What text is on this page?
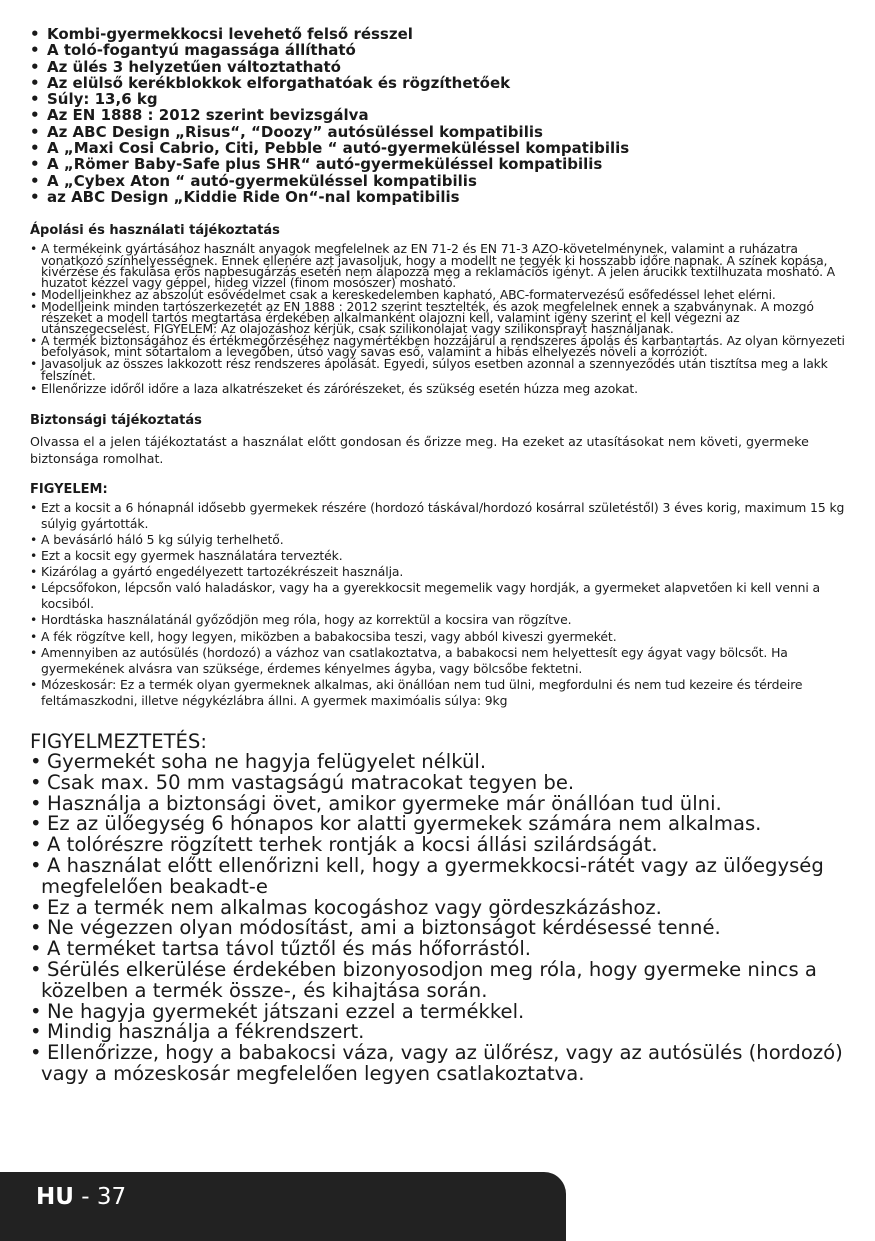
• Kombi-gyermekkocsi levehető felső résszel
• A toló-fogantyú magassága állítható
• Az ülés 3 helyzetűen változtatható
• Az elülső kerékblokkok elforgathatóak és rögzíthetőek
• Súly: 13,6 kg
• Az EN 1888 : 2012 szerint bevizsgálva
• Az ABC Design „Risus“, “Doozy” autósüléssel kompatibilis
• A „Maxi Cosi Cabrio, Citi, Pebble “ autó-gyermeküléssel kompatibilis
• A „Römer Baby-Safe plus SHR“ autó-gyermeküléssel kompatibilis
• A „Cybex Aton “ autó-gyermeküléssel kompatibilis
• az ABC Design „Kiddie Ride On“-nal kompatibilis
Ápolási és használati tájékoztatás
• A termékeink gyártásához használt anyagok megfelelnek az EN 71-2 és EN 71-3 AZO-követelménynek, valamint a ruházatra vonatkozó színhelyességnek. Ennek ellenére azt javasoljuk, hogy a modellt ne tegyék ki hosszabb időre napnak. A színek kopása, kivérzése és fakulása erős napbesugárzás esetén nem alapozza meg a reklamációs igényt. A jelen árucikk textilhuzata mosható. A huzatot kézzel vagy géppel, hideg vízzel (finom mosószer) mosható.
• Modelljeinkhez az abszolút esővédelmet csak a kereskedelemben kapható, ABC-formatervezésű esőfedéssel lehet elérni.
• Modelljeink minden tartószerkezetét az EN 1888 : 2012 szerint tesztelték, és azok megfelelnek ennek a szabványnak. A mozgó részeket a modell tartós megtartása érdekében alkalmanként olajozni kell, valamint igény szerint el kell végezni az utánszegecselést. FIGYELEM: Az olajozáshoz kérjük, csak szilikonolajat vagy szilikonsprayt használjanak.
• A termék biztonságához és értékmegőrzéséhez nagymértékben hozzájárul a rendszeres ápolás és karbantartás. Az olyan környezeti befolyások, mint sótartalom a levegőben, útsó vagy savas eső, valamint a hibás elhelyezés növeli a korróziót.
• Javasoljuk az összes lakkozott rész rendszeres ápolását. Egyedi, súlyos esetben azonnal a szennyeződés után tisztítsa meg a lakk felszínét.
• Ellenőrizze időről időre a laza alkatrészeket és zárórészeket, és szükség esetén húzza meg azokat.
Biztonsági tájékoztatás

Olvassa el a jelen tájékoztatást a használat előtt gondosan és őrizze meg. Ha ezeket az utasításokat nem követi, gyermeke biztonsága romolhat.

FIGYELEM:
• Ezt a kocsit a 6 hónapnál idősebb gyermekek részére (hordozó táskával/hordozó kosárral születéstől) 3 éves korig, maximum 15 kg súlyig gyártották.
• A bevásárló háló 5 kg súlyig terhelhető.
• Ezt a kocsit egy gyermek használatára tervezték.
• Kizárólag a gyártó engedélyezett tartozékrészeit használja.
• Lépcsőfokon, lépcsőn való haladáskor, vagy ha a gyerekkocsit megemelik vagy hordják, a gyermeket alapvetően ki kell venni a kocsiból.
• Hordtáska használatánál győződjön meg róla, hogy az korrektül a kocsira van rögzítve.
• A fék rögzítve kell, hogy legyen, miközben a babakocsiba teszi, vagy abból kiveszi gyermekét.
• Amennyiben az autósülés (hordozó) a vázhoz van csatlakoztatva, a babakocsi nem helyettesít egy ágyat vagy bölcsőt. Ha gyermekének alvásra van szüksége, érdemes kényelmes ágyba, vagy bölcsőbe fektetni.
• Mózeskosár: Ez a termék olyan gyermeknek alkalmas, aki önállóan nem tud ülni, megfordulni és nem tud kezeire és térdeire feltámaszkodni, illetve négykézlábra állni. A gyermek maximóalis súlya: 9kg

FIGYELMEZTETÉS:

• Gyermekét soha ne hagyja felügyelet nélkül.
• Csak max. 50 mm vastagságú matracokat tegyen be.
• Használja a biztonsági övet, amikor gyermeke már önállóan tud ülni.
• Ez az ülőegység 6 hónapos kor alatti gyermekek számára nem alkalmas.
• A tolórészre rögzített terhek rontják a kocsi állási szilárdságát.
• A használat előtt ellenőrizni kell, hogy a gyermekkocsi-rátét vagy az ülőegység megfelelően beakadt-e
• Ez a termék nem alkalmas kocogáshoz vagy gördeszkázáshoz.
• Ne végezzen olyan módosítást, ami a biztonságot kérdésessé tenné.
• A terméket tartsa távol tűztől és más hőforrástól.
• Sérülés elkerülése érdekében bizonyosodjon meg róla, hogy gyermeke nincs a közelben a termék össze-, és kihajtása során.
• Ne hagyja gyermekét játszani ezzel a termékkel.
• Mindig használja a fékrendszert.
• Ellenőrizze, hogy a babakocsi váza, vagy az ülőrész, vagy az autósülés (hordozó) vagy a mózeskosár megfelelően legyen csatlakoztatva.
HU - 37
